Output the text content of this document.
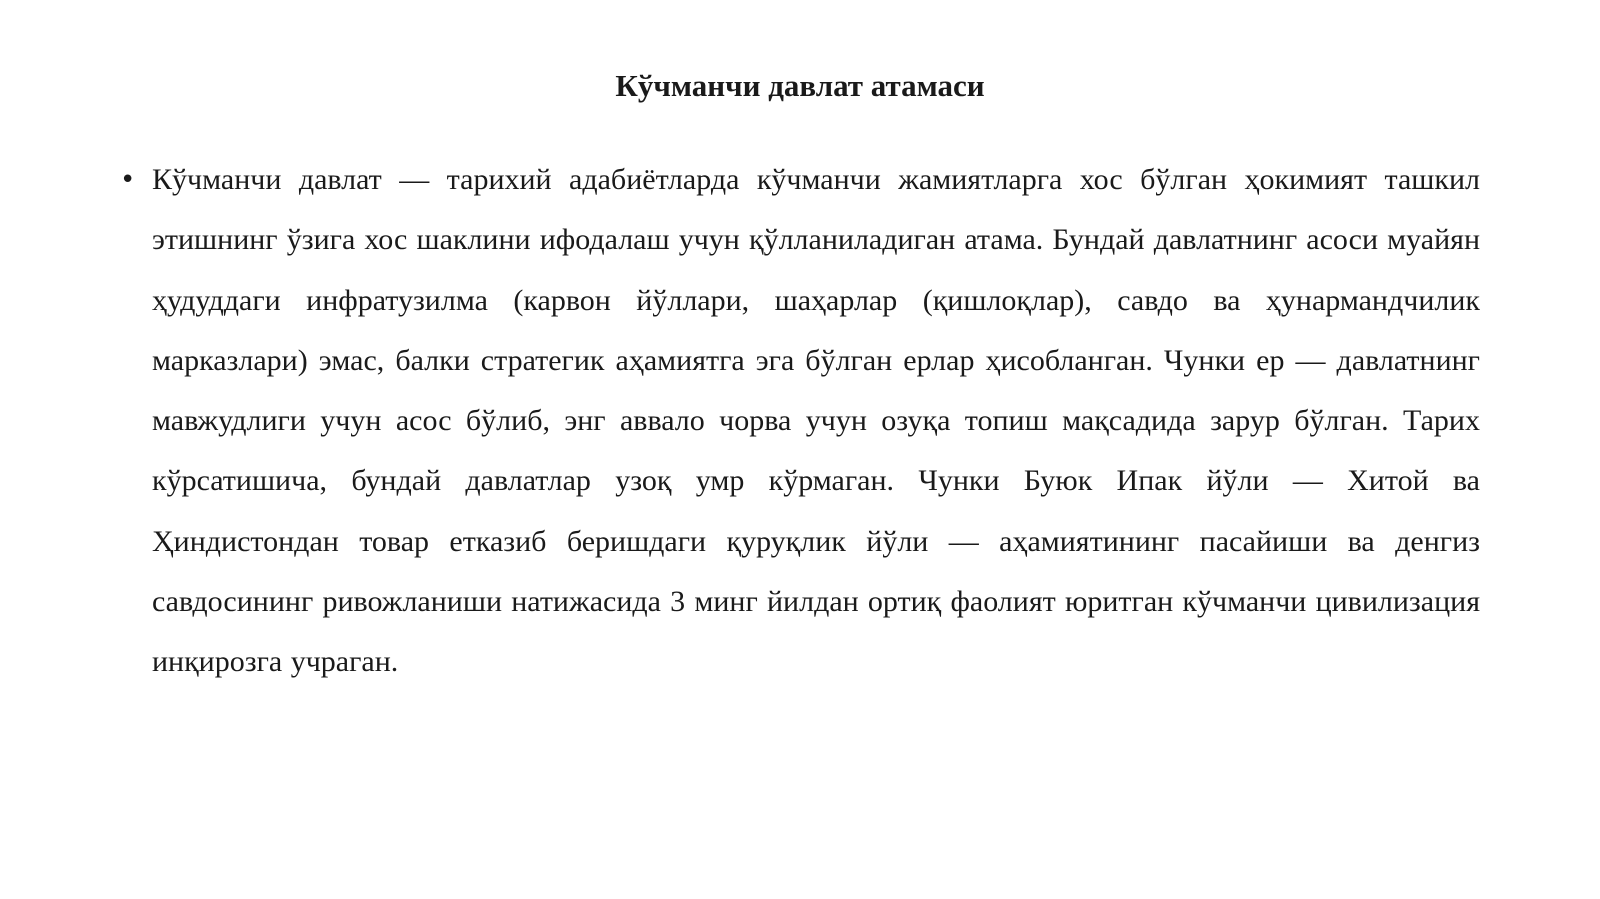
Кўчманчи давлат атамаси
• Кўчманчи давлат — тарихий адабиётларда кўчманчи жамиятларга хос бўлган ҳокимият ташкил этишнинг ўзига хос шаклини ифодалаш учун қўлланиладиган атама. Бундай давлатнинг асоси муайян ҳудуддаги инфратузилма (карвон йўллари, шаҳарлар (қишлоқлар), савдо ва ҳунармандчилик марказлари) эмас, балки стратегик аҳамиятга эга бўлган ерлар ҳисобланган. Чунки ер — давлатнинг мавжудлиги учун асос бўлиб, энг аввало чорва учун озуқа топиш мақсадида зарур бўлган. Тарих кўрсатишича, бундай давлатлар узоқ умр кўрмаган. Чунки Буюк Ипак йўли — Хитой ва Ҳиндистондан товар етказиб беришдаги қуруқлик йўли — аҳамиятининг пасайиши ва денгиз савдосининг ривожланиши натижасида 3 минг йилдан ортиқ фаолият юритган кўчманчи цивилизация инқирозга учраган.
